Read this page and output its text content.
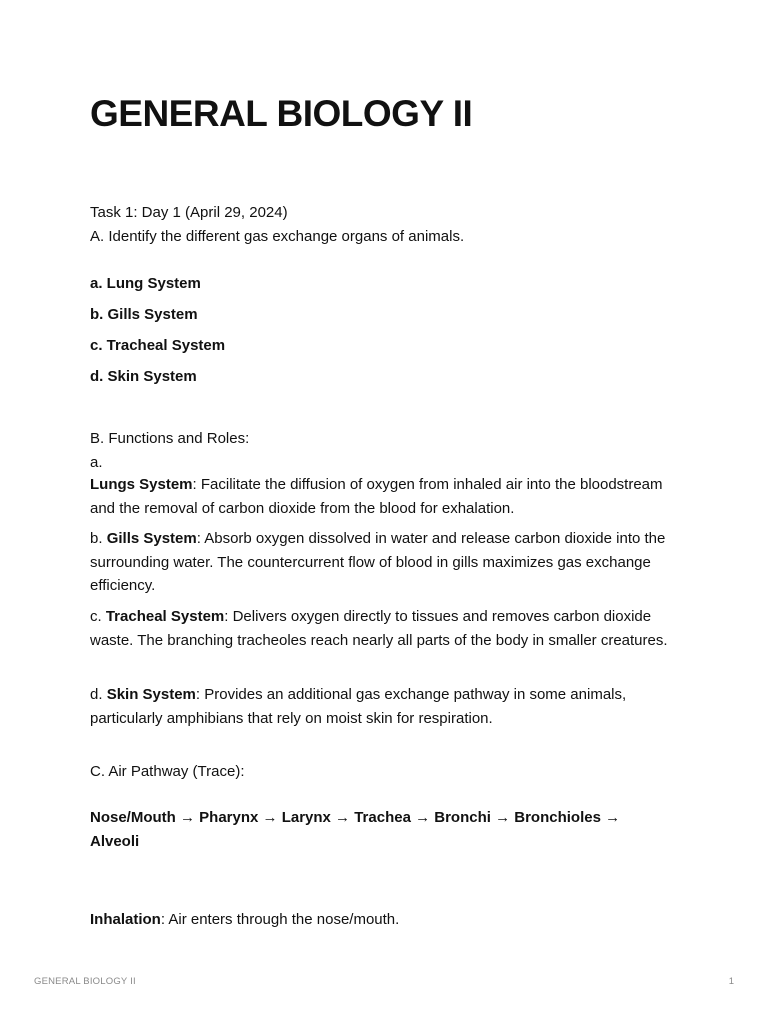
GENERAL BIOLOGY II

Task 1: Day 1 (April 29, 2024)

A. Identify the different gas exchange organs of animals.

a. Lung System

b. Gills System

c. Tracheal System

d. Skin System

B. Functions and Roles:

a.

Lungs System: Facilitate the diffusion of oxygen from inhaled air into the bloodstream and the removal of carbon dioxide from the blood for exhalation.

b. Gills System: Absorb oxygen dissolved in water and release carbon dioxide into the surrounding water. The countercurrent flow of blood in gills maximizes gas exchange efficiency.

c. Tracheal System: Delivers oxygen directly to tissues and removes carbon dioxide waste. The branching tracheoles reach nearly all parts of the body in smaller creatures.

d. Skin System: Provides an additional gas exchange pathway in some animals, particularly amphibians that rely on moist skin for respiration.

C. Air Pathway (Trace):

Nose/Mouth → Pharynx → Larynx → Trachea → Bronchi → Bronchioles → Alveoli

Inhalation: Air enters through the nose/mouth.

GENERAL BIOLOGY II	1
